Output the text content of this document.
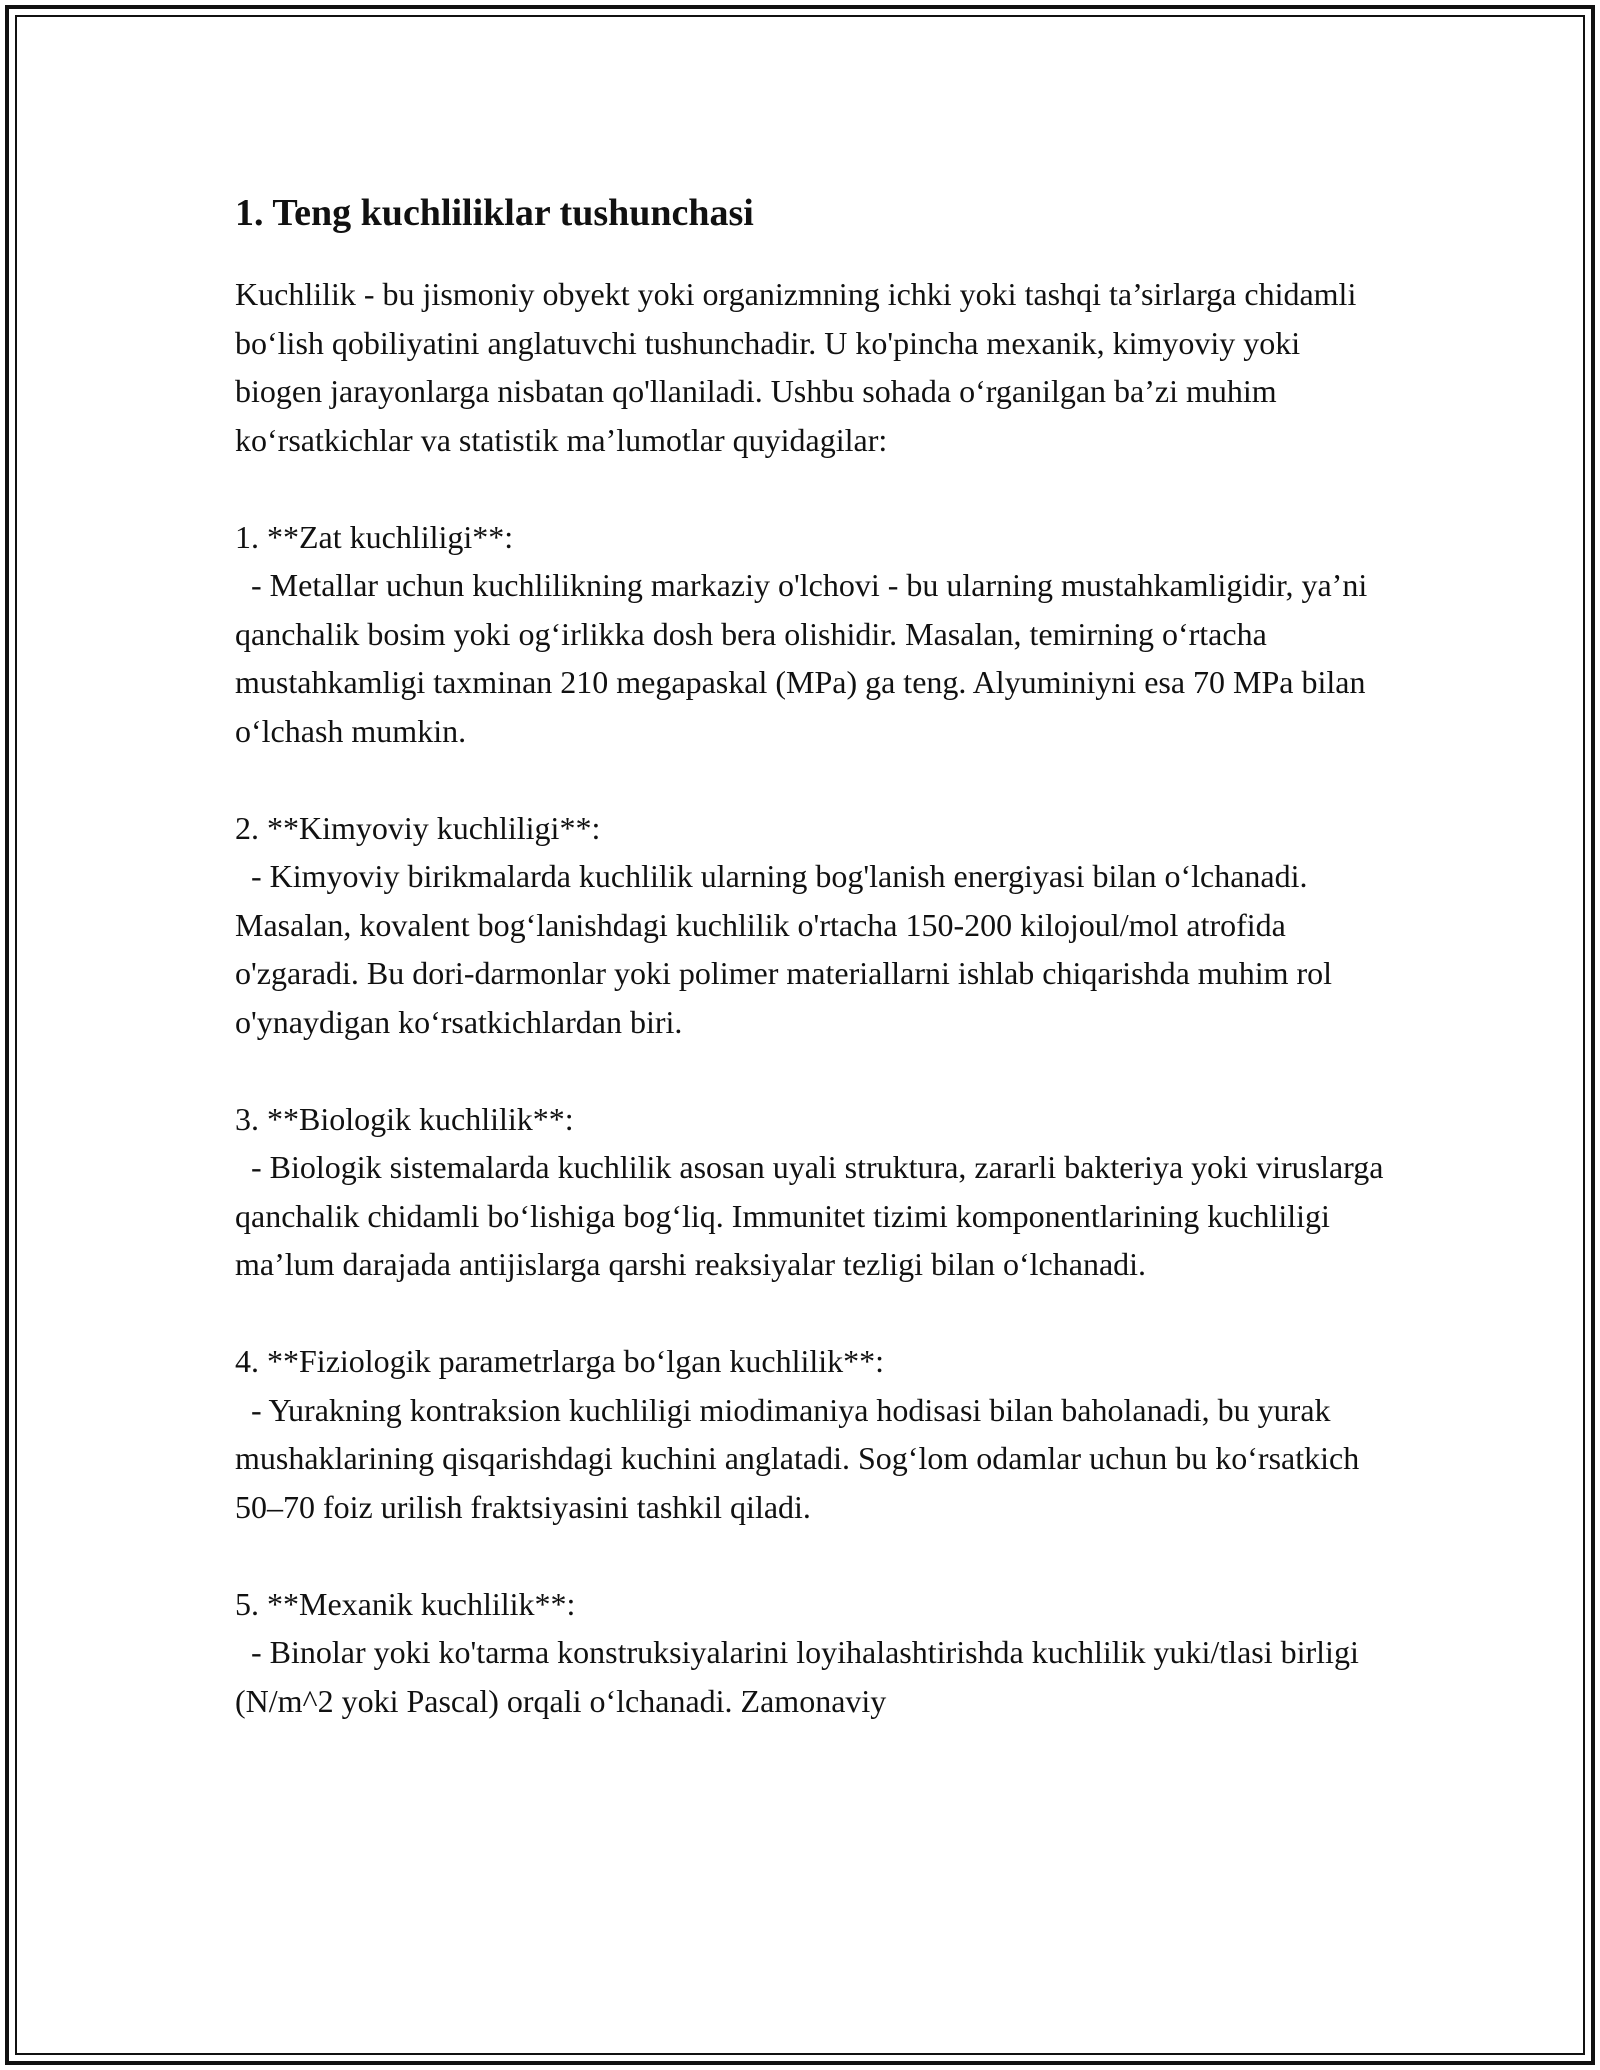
1. Teng kuchliliklar tushunchasi

Kuchlilik - bu jismoniy obyekt yoki organizmning ichki yoki tashqi ta’sirlarga chidamli bo‘lish qobiliyatini anglatuvchi tushunchadir. U ko'pincha mexanik, kimyoviy yoki biogen jarayonlarga nisbatan qo'llaniladi. Ushbu sohada o‘rganilgan ba’zi muhim ko‘rsatkichlar va statistik ma’lumotlar quyidagilar:

1. **Zat kuchliligi**:

- Metallar uchun kuchlilikning markaziy o'lchovi - bu ularning mustahkamligidir, ya’ni qanchalik bosim yoki og‘irlikka dosh bera olishidir. Masalan, temirning o‘rtacha mustahkamligi taxminan 210 megapaskal (MPa) ga teng. Alyuminiyni esa 70 MPa bilan o‘lchash mumkin.

2. **Kimyoviy kuchliligi**:

- Kimyoviy birikmalarda kuchlilik ularning bog'lanish energiyasi bilan o‘lchanadi. Masalan, kovalent bog‘lanishdagi kuchlilik o'rtacha 150-200 kilojoul/mol atrofida o'zgaradi. Bu dori-darmonlar yoki polimer materiallarni ishlab chiqarishda muhim rol o'ynaydigan ko‘rsatkichlardan biri.

3. **Biologik kuchlilik**:

- Biologik sistemalarda kuchlilik asosan uyali struktura, zararli bakteriya yoki viruslarga qanchalik chidamli bo‘lishiga bog‘liq. Immunitet tizimi komponentlarining kuchliligi ma’lum darajada antijislarga qarshi reaksiyalar tezligi bilan o‘lchanadi.

4. **Fiziologik parametrlarga bo‘lgan kuchlilik**:

- Yurakning kontraksion kuchliligi miodimaniya hodisasi bilan baholanadi, bu yurak mushaklarining qisqarishdagi kuchini anglatadi. Sog‘lom odamlar uchun bu ko‘rsatkich 50–70 foiz urilish fraktsiyasini tashkil qiladi.

5. **Mexanik kuchlilik**:

- Binolar yoki ko'tarma konstruksiyalarini loyihalashtirishda kuchlilik yuki/tlasi birligi (N/m^2 yoki Pascal) orqali o‘lchanadi. Zamonaviy
